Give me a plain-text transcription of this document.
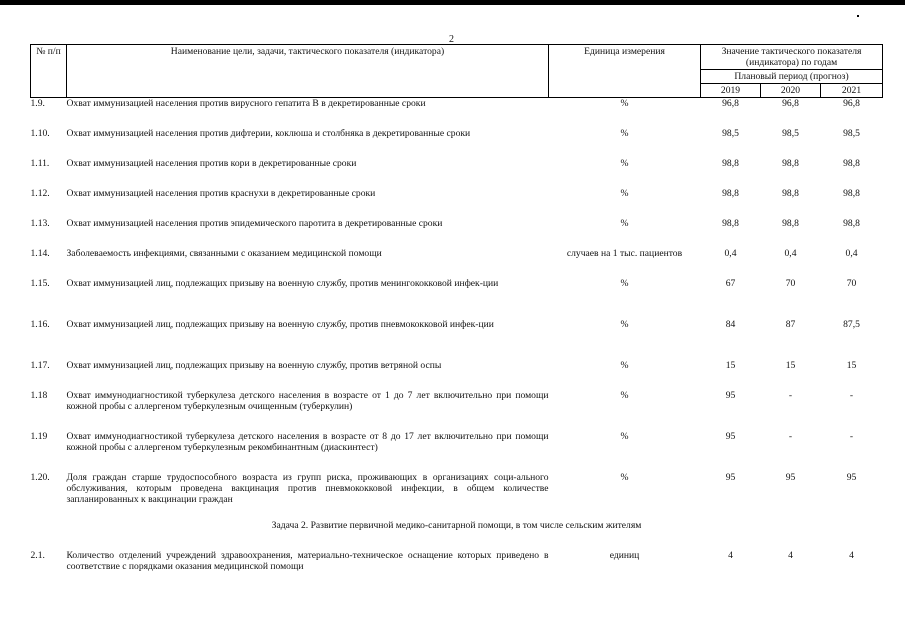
2
№ п/п	Наименование цели, задачи, тактического показателя (индикатора)	Единица измерения	Значение тактического показателя (индикатора) по годам		
			Плановый период (прогноз)		
			2019	2020	2021
1.9.	Охват иммунизацией населения против вирусного гепатита В в декретированные сроки	%	96,8	96,8	96,8
1.10.	Охват иммунизацией населения против дифтерии, коклюша и столбняка в декретированные сроки	%	98,5	98,5	98,5
1.11.	Охват иммунизацией населения против кори в декретированные сроки	%	98,8	98,8	98,8
1.12.	Охват иммунизацией населения против краснухи в декретированные сроки	%	98,8	98,8	98,8
1.13.	Охват иммунизацией населения против эпидемического паротита в декретированные сроки	%	98,8	98,8	98,8
1.14.	Заболеваемость инфекциями, связанными с оказанием медицинской помощи	случаев на 1 тыс. пациентов	0,4	0,4	0,4
1.15.	Охват иммунизацией лиц, подлежащих призыву на военную службу, против менингококковой инфек-ции	%	67	70	70
1.16.	Охват иммунизацией лиц, подлежащих призыву на военную службу, против пневмококковой инфек-ции	%	84	87	87,5
1.17.	Охват иммунизацией лиц, подлежащих призыву на военную службу, против ветряной оспы	%	15	15	15
1.18	Охват иммунодиагностикой туберкулеза детского населения в возрасте от 1 до 7 лет включительно при помощи кожной пробы с аллергеном туберкулезным очищенным (туберкулин)	%	95	-	-
1.19	Охват иммунодиагностикой туберкулеза детского населения в возрасте от 8 до 17 лет включительно при помощи кожной пробы с аллергеном туберкулезным рекомбинантным (диаскинтест)	%	95	-	-
1.20.	Доля граждан старше трудоспособного возраста из групп риска, проживающих в организациях соци-ального обслуживания, которым проведена вакцинация против пневмококковой инфекции, в общем количестве запланированных к вакцинации граждан	%	95	95	95
Задача 2. Развитие первичной медико-санитарной помощи, в том числе сельским жителям					
2.1.	Количество отделений учреждений здравоохранения, материально-техническое оснащение которых приведено в соответствие с порядками оказания медицинской помощи	единиц	4	4	4
